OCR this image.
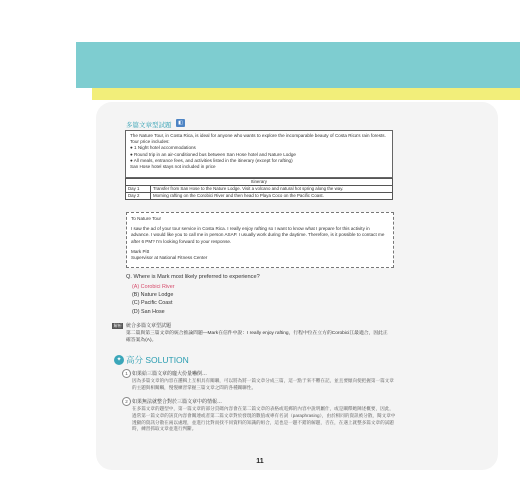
多篇文章型試題	◧

The Nature Tour, in Costa Rica, is ideal for anyone who wants to explore the incomparable beauty of Costa Rica's rain forests.

Tour price includes:

● 1 Night hotel accommodations
● Round trip in an air-conditioned bus between San Hose hotel and Nature Lodge
● All meals, entrance fees, and activities listed in the itinerary (except for rafting)

San Hose hotel stays not included in price

Itinerary	
Day 1	Transfer from San Hose to the Nature Lodge. Visit a volcano and natural hot spring along the way.
Day 2	Morning rafting on the Corobici River and then head to Playa Coco on the Pacific Coast.

To Nature Tour

I saw the ad of your tour service in Costa Rica. I really enjoy rafting so I want to know what I prepare for this activity in advance. I would like you to call me in person ASAP. I usually work during the daytime. Therefore, is it possible to contact me after 6 PM? I'm looking forward to your response.

Mark Pitt

Supervisor at National Fitness Center

Q. Where is Mark most likely preferred to experience?
(A) Corobici River
(B) Nature Lodge
(C) Pacific Coast
(D) San Hose
解析 統合多篇文章型試題
第二篇與第三篇文章的統合推論問題—Mark在信件中說：I really enjoy rafting，行程中位在立方的Corobici江最適合，因此正確答案為(A)。
✦ 高分 SOLUTION
1 如果給三篇文章的龐大份量嚇倒…
因為多篇文章的內容在邏輯上互相具有關聯，可以將為將一篇文章分成三篇，這一點于來不難在記，並且要傾向使把握第一篇文章的主題與相關觸，慢慢練習掌握三篇文章之間的各種關聯性。
2 如果無法就整合對於三篇文章中的情報…
在多篇文章的題型中，第一篇文章的部分頁碼內容會在第二篇文章的表格或電郵的內容中說明屬什，或是闡釋她陳述概要，因此，過常第一篇文章的該頁內容會關連或者第二篇文章對於發現的數值或專有名詞（paraphrasing），由於相同的資訊被分散，閱文章中透顯的資訊分散在兩以處理，並進行比對而找不同資料的知識的組合，這也是一題不錯的解題，否在，在遇上就整多篇文章的試題時，練習抓取文章並進行判斷。
11
